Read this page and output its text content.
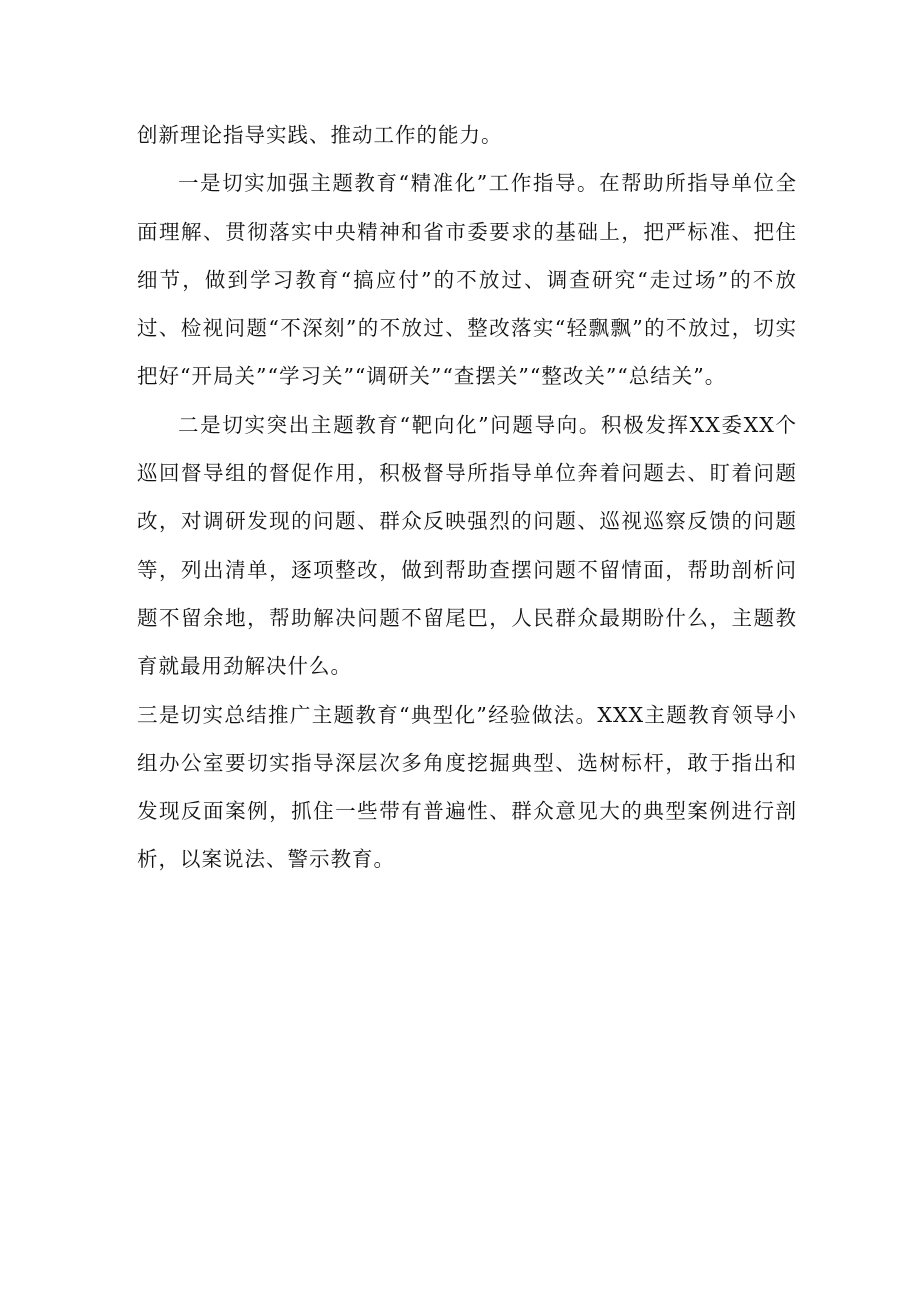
创新理论指导实践、推动工作的能力。

一是切实加强主题教育“精准化”工作指导。在帮助所指导单位全面理解、贯彻落实中央精神和省市委要求的基础上，把严标准、把住细节，做到学习教育“搞应付”的不放过、调查研究“走过场”的不放过、检视问题“不深刻”的不放过、整改落实“轻飘飘”的不放过，切实把好“开局关”“学习关”“调研关”“查摆关”“整改关”“总结关”。

二是切实突出主题教育“靶向化”问题导向。积极发挥XX委XX个巡回督导组的督促作用，积极督导所指导单位奔着问题去、盯着问题改，对调研发现的问题、群众反映强烈的问题、巡视巡察反馈的问题等，列出清单，逐项整改，做到帮助查摆问题不留情面，帮助剖析问题不留余地，帮助解决问题不留尾巴，人民群众最期盼什么，主题教育就最用劲解决什么。

三是切实总结推广主题教育“典型化”经验做法。XXX主题教育领导小组办公室要切实指导深层次多角度挖掘典型、选树标杆，敢于指出和发现反面案例，抓住一些带有普遍性、群众意见大的典型案例进行剖析，以案说法、警示教育。
